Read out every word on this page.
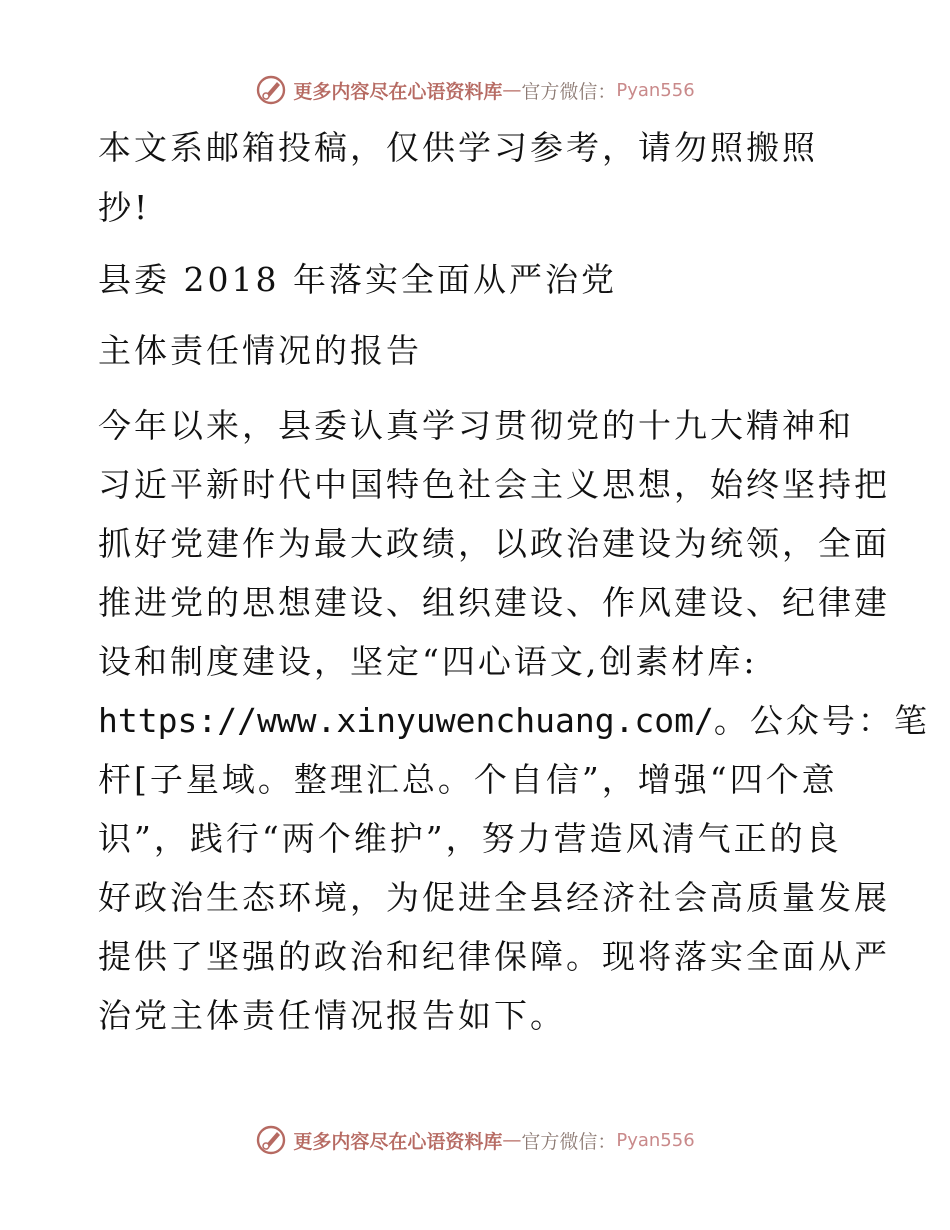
更多内容尽在心语资料库 — 官方微信： Pyan556
本文系邮箱投稿，仅供学习参考，请勿照搬照
抄!
县委 2018 年落实全面从严治党
主体责任情况的报告
今年以来，县委认真学习贯彻党的十九大精神和
习近平新时代中国特色社会主义思想，始终坚持把
抓好党建作为最大政绩，以政治建设为统领，全面
推进党的思想建设、组织建设、作风建设、纪律建
设和制度建设，坚定“四心语文,创素材库:
https://www.xinyuwenchuang.com/。公众号：笔
杆[子星域。整理汇总。个自信”，增强“四个意
识”，践行“两个维护”，努力营造风清气正的良
好政治生态环境，为促进全县经济社会高质量发展
提供了坚强的政治和纪律保障。现将落实全面从严
治党主体责任情况报告如下。
更多内容尽在心语资料库 — 官方微信： Pyan556
